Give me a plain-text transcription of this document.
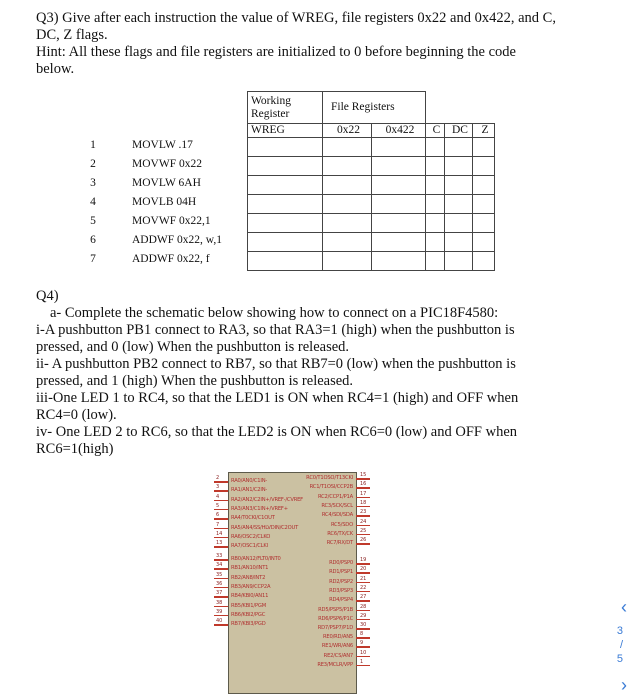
Q3) Give after each instruction the value of WREG, file registers 0x22 and 0x422, and C,

DC, Z flags.

Hint: All these flags and file registers are initialized to 0 before beginning the code

below.

Working Register	File Registers				
WREG	0x22	0x422	C	DC	Z

1	MOVLW .17
2	MOVWF 0x22
3	MOVLW 6AH
4	MOVLB 04H
5	MOVWF 0x22,1
6	ADDWF 0x22, w,1
7	ADDWF 0x22, f

Q4)

a- Complete the schematic below showing how to connect on a PIC18F4580:

i-A pushbutton PB1 connect to RA3, so that RA3=1 (high) when the pushbutton is

pressed, and 0 (low) When the pushbutton is released.

ii- A pushbutton PB2 connect to RB7, so that RB7=0 (low) when the pushbutton is

pressed, and 1 (high) When the pushbutton is released.

iii-One LED 1 to RC4, so that the LED1 is ON when RC4=1 (high) and OFF when

RC4=0 (low).

iv- One LED 2 to RC6, so that the LED2 is ON when RC6=0 (low) and OFF when

RC6=1(high)

2 RA0/AN0/C1IN-
3 RA1/AN1/C2IN-
4 RA2/AN2/C2IN+/VREF-/CVREF
5 RA3/AN3/C1IN+/VREF+
6 RA4/T0CKI/C1OUT
7 RA5/AN4/SS/HLVDIN/C2OUT
14 RA6/OSC2/CLKO
13 RA7/OSC1/CLKI
33 RB0/AN12/FLT0/INT0
34 RB1/AN10/INT1
35 RB2/AN8/INT2
36 RB3/AN9/CCP2A
37 RB4/KBI0/AN11
38 RB5/KBI1/PGM
39 RB6/KBI2/PGC
40 RB7/KBI3/PGD
15
RC0/T1OSO/T13CKI
16
RC1/T1OSI/CCP2B
17
RC2/CCP1/P1A
18
RC3/SCK/SCL
23
RC4/SDI/SDA
24
RC5/SDO
25
RC6/TX/CK
26
RC7/RX/DT
19
RD0/PSP0
20
RD1/PSP1
21
RD2/PSP2
22
RD3/PSP3
27
RD4/PSP4
28
RD5/PSP5/P1B
29
RD6/PSP6/P1C
30
RD7/PSP7/P1D
8
RE0/RD/AN5
9
RE1/WR/AN6
10
RE2/CS/AN7
1
RE3/MCLR/VPP
‹
3
/
5
›
